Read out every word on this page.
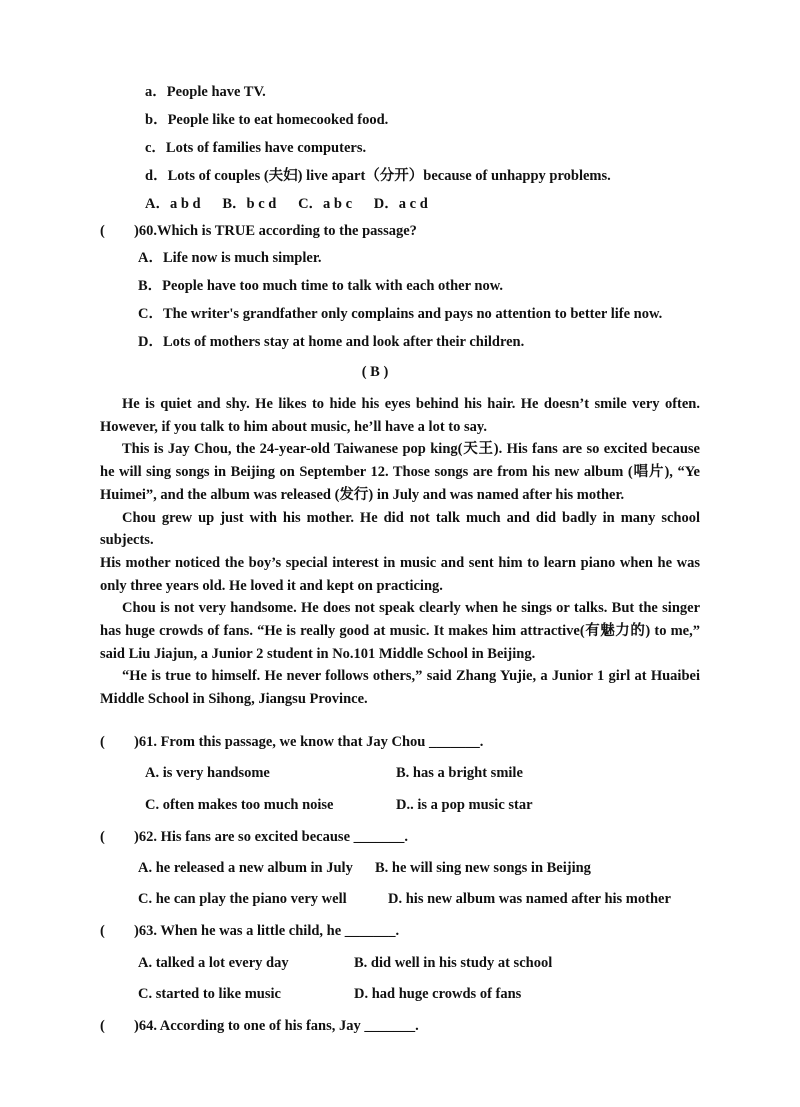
a．People have TV.
b．People like to eat homecooked food.
c．Lots of families have computers.
d．Lots of couples (夫妇) live apart（分开）because of unhappy problems.
A．a b d      B．b c d      C．a b c      D．a c d
( )60.Which is TRUE according to the passage?
A．Life now is much simpler.
B．People have too much time to talk with each other now.
C．The writer's grandfather only complains and pays no attention to better life now.
D．Lots of mothers stay at home and look after their children.
( B )

He is quiet and shy. He likes to hide his eyes behind his hair. He doesn’t smile very often. However, if you talk to him about music, he’ll have a lot to say.

This is Jay Chou, the 24-year-old Taiwanese pop king(天王). His fans are so excited because he will sing songs in Beijing on September 12. Those songs are from his new album (唱片), “Ye Huimei”, and the album was released (发行) in July and was named after his mother.

Chou grew up just with his mother. He did not talk much and did badly in many school subjects.

His mother noticed the boy’s special interest in music and sent him to learn piano when he was only three years old. He loved it and kept on practicing.

Chou is not very handsome. He does not speak clearly when he sings or talks. But the singer has huge crowds of fans. “He is really good at music. It makes him attractive(有魅力的) to me,” said Liu Jiajun, a Junior 2 student in No.101 Middle School in Beijing.

“He is true to himself. He never follows others,” said Zhang Yujie, a Junior 1 girl at Huaibei Middle School in Sihong, Jiangsu Province.

( )61. From this passage, we know that Jay Chou _______.
A. is very handsome	B. has a bright smile
C. often makes too much noise	D.. is a pop music star
( )62. His fans are so excited because _______.
A. he released a new album in July B. he will sing new songs in Beijing
C. he can play the piano very well	D. his new album was named after his mother
( )63. When he was a little child, he _______.
A. talked a lot every day	B. did well in his study at school
C. started to like music	D. had huge crowds of fans
( )64. According to one of his fans, Jay _______.
